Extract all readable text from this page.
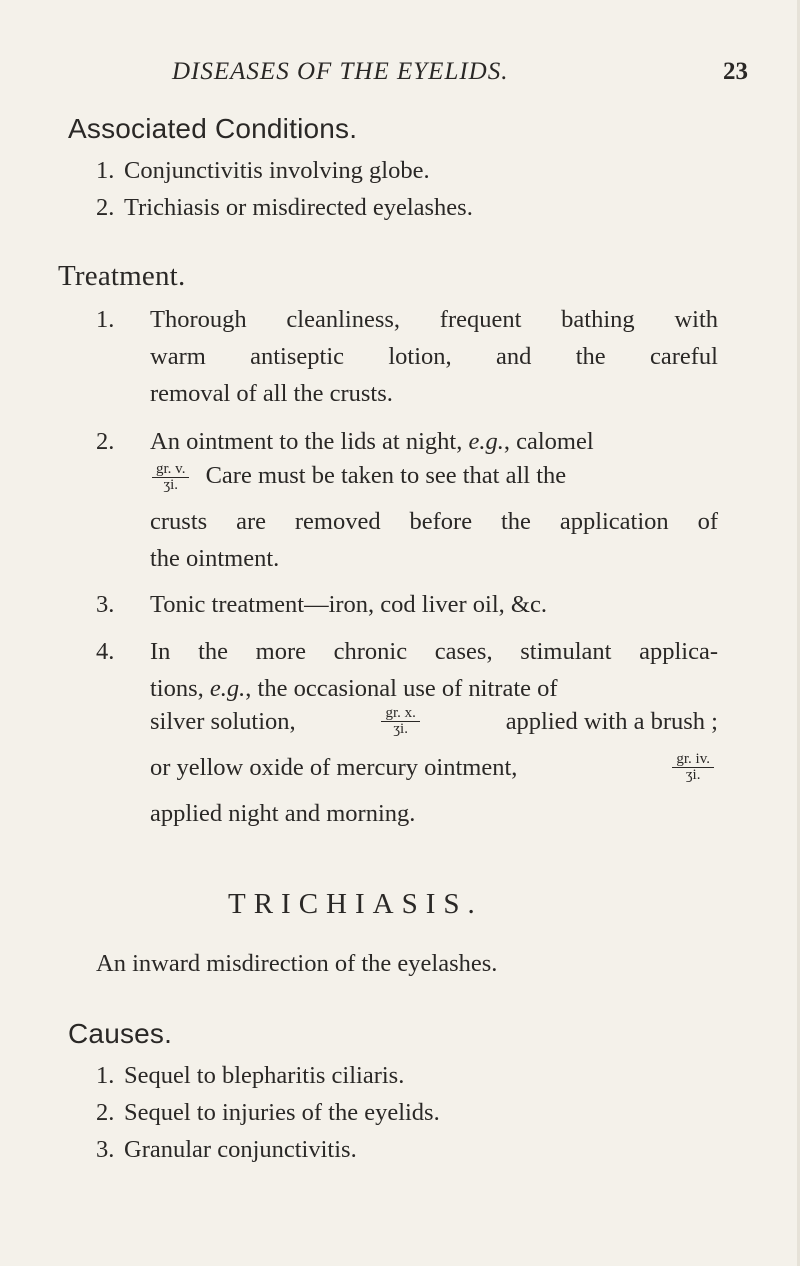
DISEASES OF THE EYELIDS.	23
Associated Conditions.
1. Conjunctivitis involving globe.
2. Trichiasis or misdirected eyelashes.
Treatment.
1. Thorough cleanliness, frequent bathing with
warm antiseptic lotion, and the careful
removal of all the crusts.
2. An ointment to the lids at night, e.g., calomel
$\frac{gr. v.}{\text{ʒi.}}$ Care must be taken to see that all the
crusts are removed before the application of
the ointment.
3. Tonic treatment—iron, cod liver oil, &c.
4. In the more chronic cases, stimulant applica-
tions, e.g., the occasional use of nitrate of
silver solution,	$\frac{gr. x.}{\text{ʒi.}}$	applied with a brush ;
or yellow oxide of mercury ointment,	$\frac{gr. iv.}{\text{ʒi.}}$
applied night and morning.
TRICHIASIS.
An inward misdirection of the eyelashes.
Causes.
1. Sequel to blepharitis ciliaris.
2. Sequel to injuries of the eyelids.
3. Granular conjunctivitis.
